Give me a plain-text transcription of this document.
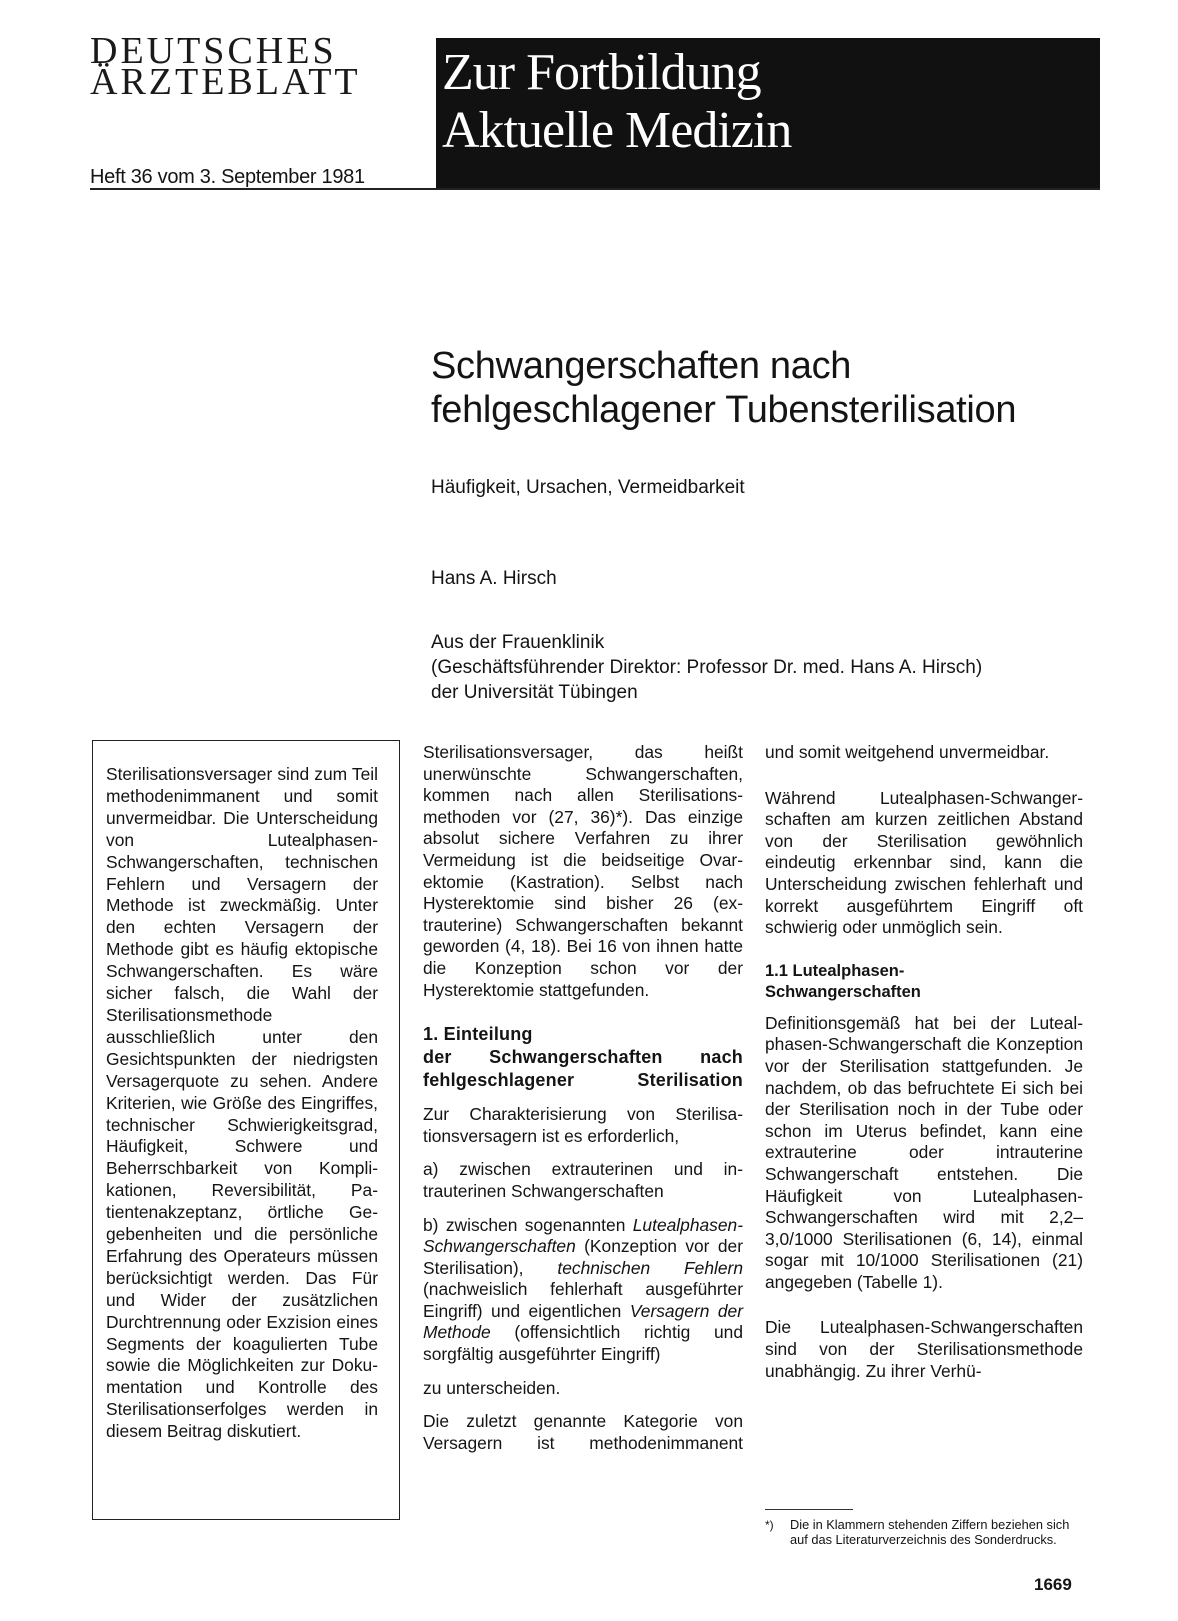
DEUTSCHES
ÄRZTEBLATT
Heft 36 vom 3. September 1981
Zur Fortbildung
Aktuelle Medizin
Schwangerschaften nach
fehlgeschlagener Tubensterilisation
Häufigkeit, Ursachen, Vermeidbarkeit
Hans A. Hirsch
Aus der Frauenklinik
(Geschäftsführender Direktor: Professor Dr. med. Hans A. Hirsch)
der Universität Tübingen
Sterilisationsversager sind zum Teil methodenimmanent und somit unvermeidbar. Die Unterscheidung von Lutealphasen-Schwangerschaften, technischen Fehlern und Versagern der Methode ist zweckmäßig. Unter den echten Versagern der Methode gibt es häufig ektopische Schwangerschaften. Es wäre sicher falsch, die Wahl der Sterilisationsmethode ausschließlich unter den Gesichtspunkten der niedrigsten Versagerquote zu sehen. Andere Kriterien, wie Größe des Eingriffes, technischer Schwierigkeitsgrad, Häufigkeit, Schwere und Beherrschbarkeit von Komplikationen, Reversibilität, Patientenakzeptanz, örtliche Gegebenheiten und die persönliche Erfahrung des Operateurs müssen berücksichtigt werden. Das Für und Wider der zusätzlichen Durchtrennung oder Exzision eines Segments der koagulierten Tube sowie die Möglichkeiten zur Dokumentation und Kontrolle des Sterilisationserfolges werden in diesem Beitrag diskutiert.

Sterilisationsversager, das heißt unerwünschte Schwangerschaften, kommen nach allen Sterilisationsmethoden vor (27, 36)*). Das einzige absolut sichere Verfahren zu ihrer Vermeidung ist die beidseitige Ovarektomie (Kastration). Selbst nach Hysterektomie sind bisher 26 (extrauterine) Schwangerschaften bekannt geworden (4, 18). Bei 16 von ihnen hatte die Konzeption schon vor der Hysterektomie stattgefunden.

1. Einteilung
der Schwangerschaften nach fehlgeschlagener Sterilisation

Zur Charakterisierung von Sterilisationsversagern ist es erforderlich,

a) zwischen extrauterinen und intrauterinen Schwangerschaften

b) zwischen sogenannten Lutealphasen-Schwangerschaften (Konzeption vor der Sterilisation), technischen Fehlern (nachweislich fehlerhaft ausgeführter Eingriff) und eigentlichen Versagern der Methode (offensichtlich richtig und sorgfältig ausgeführter Eingriff)

zu unterscheiden.

Die zuletzt genannte Kategorie von Versagern ist methodenimmanent

und somit weitgehend unvermeidbar.

Während Lutealphasen-Schwangerschaften am kurzen zeitlichen Abstand von der Sterilisation gewöhnlich eindeutig erkennbar sind, kann die Unterscheidung zwischen fehlerhaft und korrekt ausgeführtem Eingriff oft schwierig oder unmöglich sein.

1.1 Lutealphasen-
Schwangerschaften

Definitionsgemäß hat bei der Lutealphasen-Schwangerschaft die Konzeption vor der Sterilisation stattgefunden. Je nachdem, ob das befruchtete Ei sich bei der Sterilisation noch in der Tube oder schon im Uterus befindet, kann eine extrauterine oder intrauterine Schwangerschaft entstehen. Die Häufigkeit von Lutealphasen-Schwangerschaften wird mit 2,2–3,0/1000 Sterilisationen (6, 14), einmal sogar mit 10/1000 Sterilisationen (21) angegeben (Tabelle 1).

Die Lutealphasen-Schwangerschaften sind von der Sterilisationsmethode unabhängig. Zu ihrer Verhü-

*) Die in Klammern stehenden Ziffern beziehen sich auf das Literaturverzeichnis des Sonderdrucks.
1669
